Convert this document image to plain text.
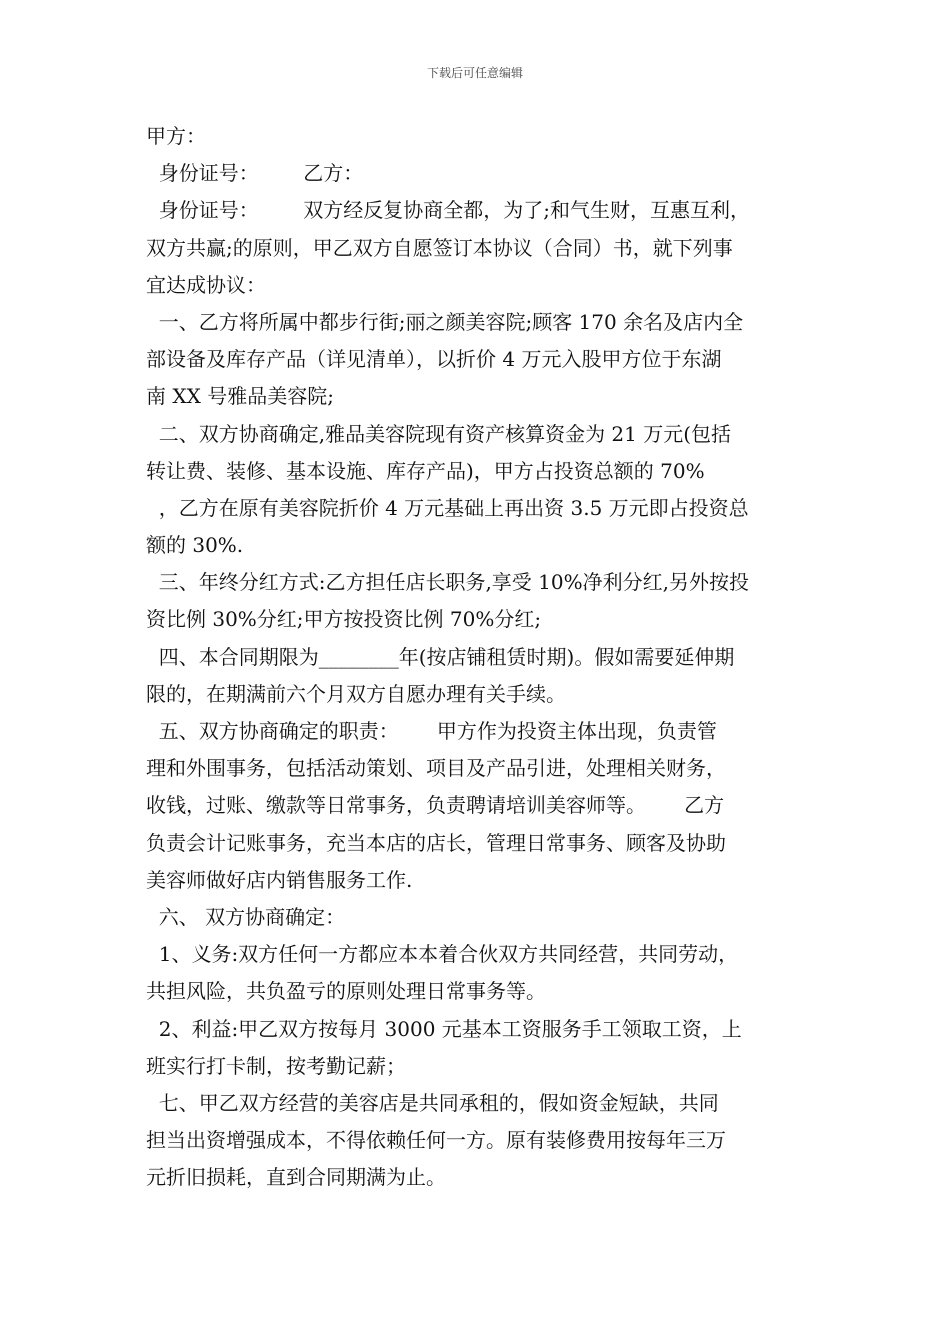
下载后可任意编辑
甲方：
身份证号：       乙方：
身份证号：       双方经反复协商全都，为了;和气生财，互惠互利，
双方共赢;的原则，甲乙双方自愿签订本协议（合同）书，就下列事
宜达成协议：
一、乙方将所属中都步行街;丽之颜美容院;顾客 170 余名及店内全
部设备及库存产品（详见清单），以折价 4 万元入股甲方位于东湖
南 XX 号雅品美容院;
二、双方协商确定,雅品美容院现有资产核算资金为 21 万元(包括
转让费、装修、基本设施、库存产品)，甲方占投资总额的 70%
，乙方在原有美容院折价 4 万元基础上再出资 3.5 万元即占投资总
额的 30%.
三、年终分红方式:乙方担任店长职务,享受 10%净利分红,另外按投
资比例 30%分红;甲方按投资比例 70%分红;
四、本合同期限为________年(按店铺租赁时期)。假如需要延伸期
限的，在期满前六个月双方自愿办理有关手续。
五、双方协商确定的职责：      甲方作为投资主体出现，负责管
理和外围事务，包括活动策划、项目及产品引进，处理相关财务，
收钱，过账、缴款等日常事务，负责聘请培训美容师等。      乙方
负责会计记账事务，充当本店的店长，管理日常事务、顾客及协助
美容师做好店内销售服务工作.
六、 双方协商确定：
1、义务:双方任何一方都应本本着合伙双方共同经营，共同劳动，
共担风险，共负盈亏的原则处理日常事务等。
2、利益:甲乙双方按每月 3000 元基本工资服务手工领取工资，上
班实行打卡制，按考勤记薪；
七、甲乙双方经营的美容店是共同承租的，假如资金短缺，共同
担当出资增强成本，不得依赖任何一方。原有装修费用按每年三万
元折旧损耗，直到合同期满为止。
